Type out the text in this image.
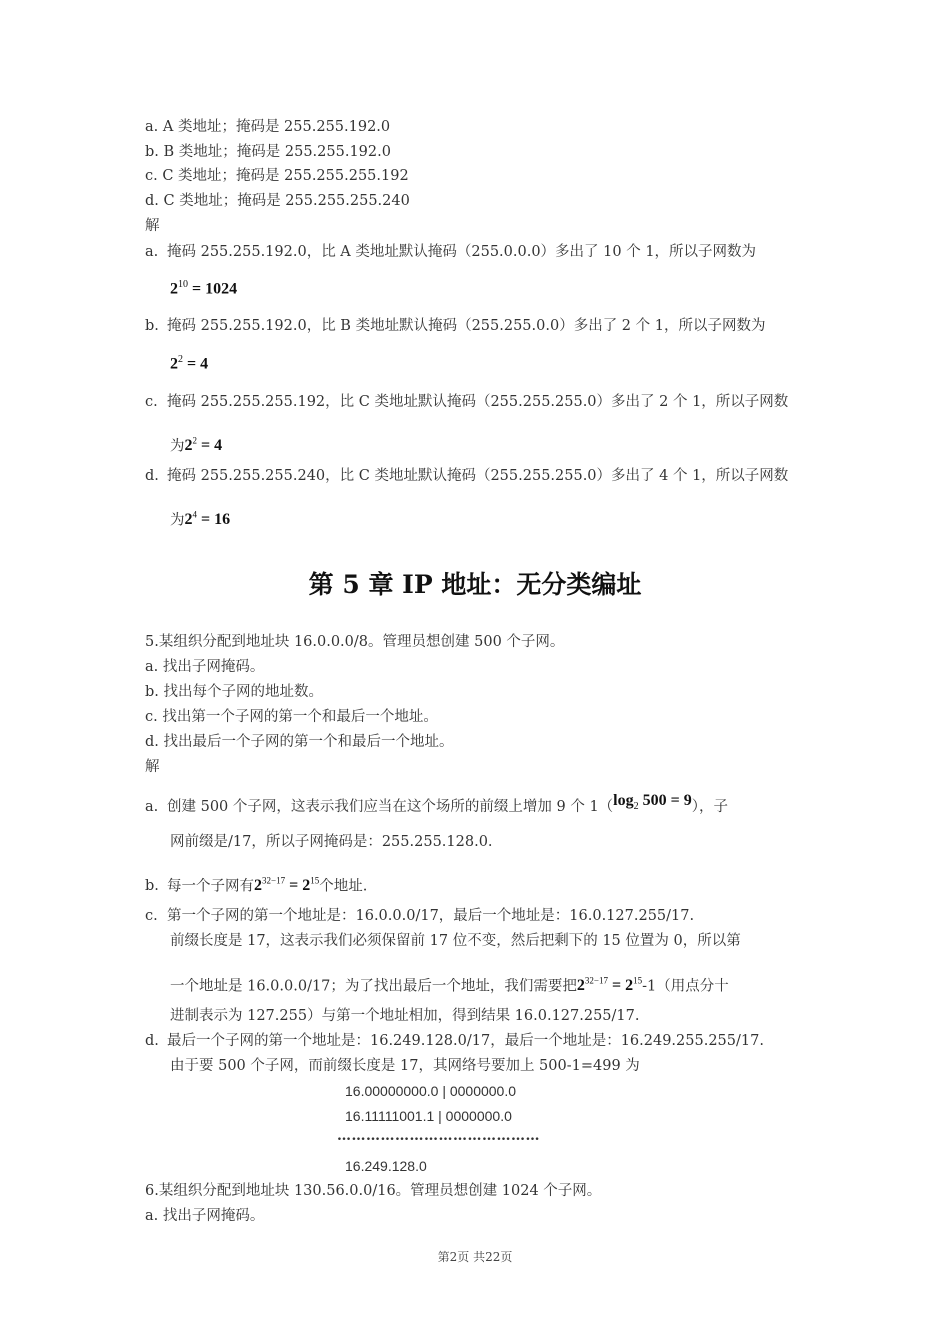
a. A 类地址；掩码是 255.255.192.0
b. B 类地址；掩码是 255.255.192.0
c. C 类地址；掩码是 255.255.255.192
d. C 类地址；掩码是 255.255.255.240
解
a. 掩码 255.255.192.0，比 A 类地址默认掩码（255.0.0.0）多出了 10 个 1，所以子网数为
$2^{10} = 1024$
b. 掩码 255.255.192.0，比 B 类地址默认掩码（255.255.0.0）多出了 2 个 1，所以子网数为
$2^2 = 4$
c. 掩码 255.255.255.192，比 C 类地址默认掩码（255.255.255.0）多出了 2 个 1，所以子网数
为$2^2 = 4$
d. 掩码 255.255.255.240，比 C 类地址默认掩码（255.255.255.0）多出了 4 个 1，所以子网数
为$2^4 = 16$
第 5 章 IP 地址：无分类编址
5.某组织分配到地址块 16.0.0.0/8。管理员想创建 500 个子网。
a. 找出子网掩码。
b. 找出每个子网的地址数。
c. 找出第一个子网的第一个和最后一个地址。
d. 找出最后一个子网的第一个和最后一个地址。
解
a. 创建 500 个子网，这表示我们应当在这个场所的前缀上增加 9 个 $1(\log_2$ 500 = 9），子
网前缀是/17，所以子网掩码是：255.255.128.0.
b. 每一个子网有$2^{32-17} = 2^{15}$个地址.
c. 第一个子网的第一个地址是：16.0.0.0/17，最后一个地址是：16.0.127.255/17.
前缀长度是 17，这表示我们必须保留前 17 位不变，然后把剩下的 15 位置为 0，所以第
一个地址是 16.0.0.0/17；为了找出最后一个地址，我们需要把$2^{32-17} = 2^{15}-1$（用点分十
进制表示为 127.255）与第一个地址相加，得到结果 16.0.127.255/17.
d. 最后一个子网的第一个地址是：16.249.128.0/17，最后一个地址是：16.249.255.255/17.
由于要 500 个子网，而前缀长度是 17，其网络号要加上 500-1=499 为
16.00000000.0 | 0000000.0
16.11111001.1 | 0000000.0
……………………………………
16.249.128.0
6.某组织分配到地址块 130.56.0.0/16。管理员想创建 1024 个子网。
a. 找出子网掩码。
第2页 共22页
